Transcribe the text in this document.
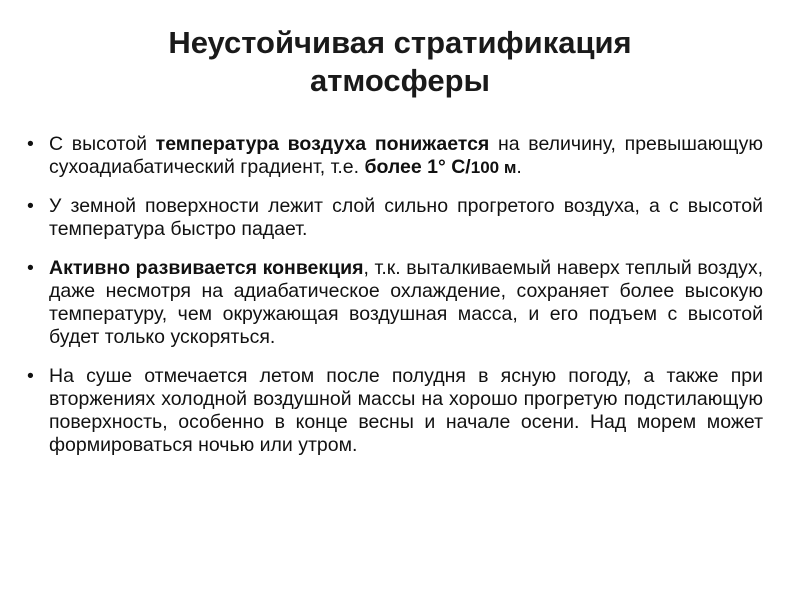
Неустойчивая стратификация
атмосферы
• С высотой температура воздуха понижается на величину, превышающую сухоадиабатический градиент, т.е. более 1° С/100 м.
• У земной поверхности лежит слой сильно прогретого воздуха, а с высотой температура быстро падает.
• Активно развивается конвекция, т.к. выталкиваемый наверх теплый воздух, даже несмотря на адиабатическое охлаждение, сохраняет более высокую температуру, чем окружающая воздушная масса, и его подъем с высотой будет только ускоряться.
• На суше отмечается летом после полудня в ясную погоду, а также при вторжениях холодной воздушной массы на хорошо прогретую подстилающую поверхность, особенно в конце весны и начале осени. Над морем может формироваться ночью или утром.
